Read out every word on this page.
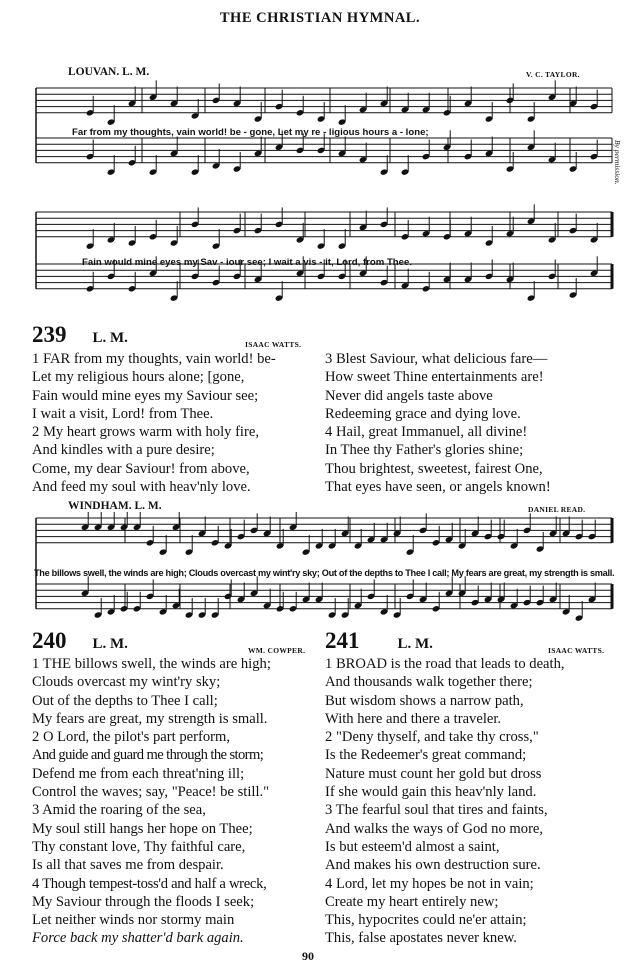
THE CHRISTIAN HYMNAL.
LOUVAN. L. M.	V. C. TAYLOR.
By permission.
Far from my thoughts, vain world! be - gone, Let my re - ligious hours a - lone;
Fain would mine eyes my Sav - iour see; I wait a vis - it, Lord, from Thee.
239 L. M.	ISAAC WATTS.
1 FAR from my thoughts, vain world! be-
Let my religious hours alone; [gone,
Fain would mine eyes my Saviour see;
I wait a visit, Lord! from Thee.
2 My heart grows warm with holy fire,
And kindles with a pure desire;
Come, my dear Saviour! from above,
And feed my soul with heav'nly love.
3 Blest Saviour, what delicious fare—
How sweet Thine entertainments are!
Never did angels taste above
Redeeming grace and dying love.
4 Hail, great Immanuel, all divine!
In Thee thy Father's glories shine;
Thou brightest, sweetest, fairest One,
That eyes have seen, or angels known!
WINDHAM. L. M.	DANIEL READ.
The billows swell, the winds are high; Clouds overcast my wint'ry sky; Out of the depths to Thee I call; My fears are great, my strength is small.
240 L. M.	WM. COWPER. 241	L. M.	ISAAC WATTS.
1 THE billows swell, the winds are high;
Clouds overcast my wint'ry sky;
Out of the depths to Thee I call;
My fears are great, my strength is small.
2 O Lord, the pilot's part perform,
And guide and guard me through the storm;
Defend me from each threat'ning ill;
Control the waves; say, "Peace! be still."
3 Amid the roaring of the sea,
My soul still hangs her hope on Thee;
Thy constant love, Thy faithful care,
Is all that saves me from despair.
4 Though tempest-toss'd and half a wreck,
My Saviour through the floods I seek;
Let neither winds nor stormy main
Force back my shatter'd bark again.
1 BROAD is the road that leads to death,
And thousands walk together there;
But wisdom shows a narrow path,
With here and there a traveler.
2 "Deny thyself, and take thy cross,"
Is the Redeemer's great command;
Nature must count her gold but dross
If she would gain this heav'nly land.
3 The fearful soul that tires and faints,
And walks the ways of God no more,
Is but esteem'd almost a saint,
And makes his own destruction sure.
4 Lord, let my hopes be not in vain;
Create my heart entirely new;
This, hypocrites could ne'er attain;
This, false apostates never knew.
90
